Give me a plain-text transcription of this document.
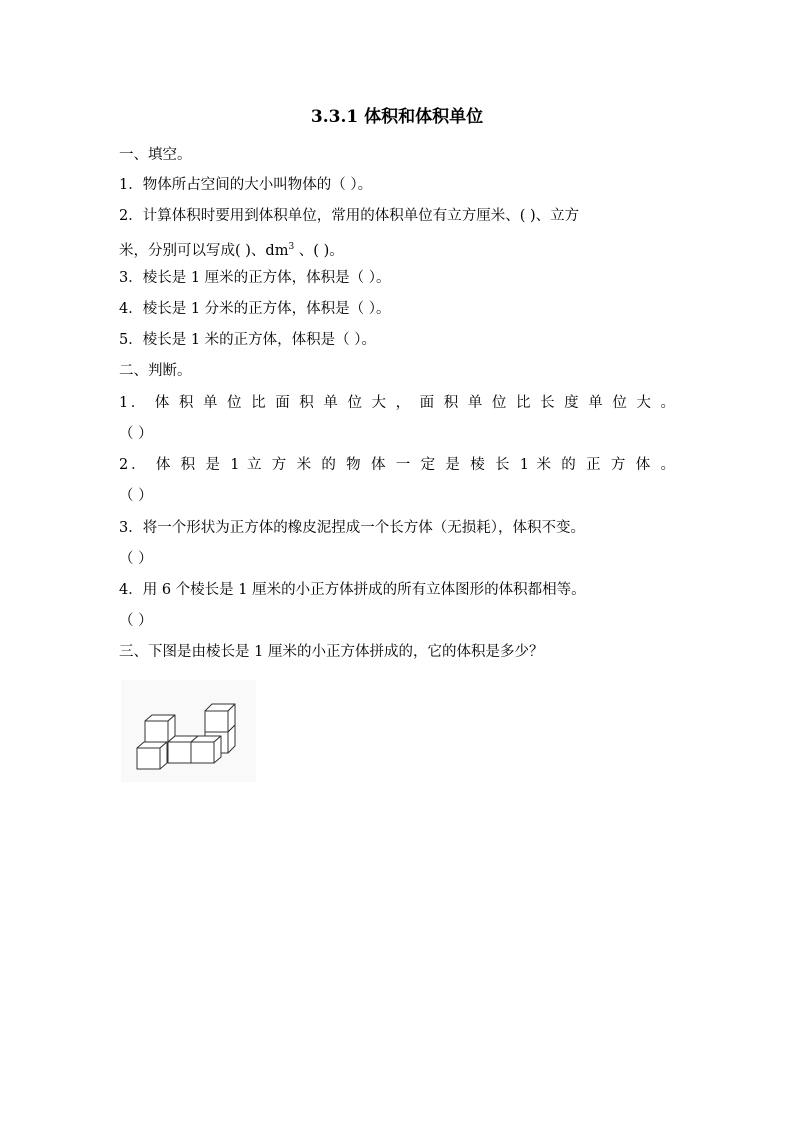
3.3.1 体积和体积单位
一、填空。
1．物体所占空间的大小叫物体的（ ）。
2．计算体积时要用到体积单位，常用的体积单位有立方厘米、( )、立方
米，分别可以写成( )、$dm^3$ 、( )。
3．棱长是 1 厘米的正方体，体积是（ ）。
4．棱长是 1 分米的正方体，体积是（ ）。
5．棱长是 1 米的正方体，体积是（ ）。
二、判断。
1． 体 积 单 位 比 面 积 单 位 大 ， 面 积 单 位 比 长 度 单 位 大 。
（ ）
2． 体 积 是 1 立 方 米 的 物 体 一 定 是 棱 长 1 米 的 正 方 体 。
（ ）
3．将一个形状为正方体的橡皮泥捏成一个长方体（无损耗），体积不变。
（ ）
4．用 6 个棱长是 1 厘米的小正方体拼成的所有立体图形的体积都相等。
（ ）
三、下图是由棱长是 1 厘米的小正方体拼成的，它的体积是多少？
